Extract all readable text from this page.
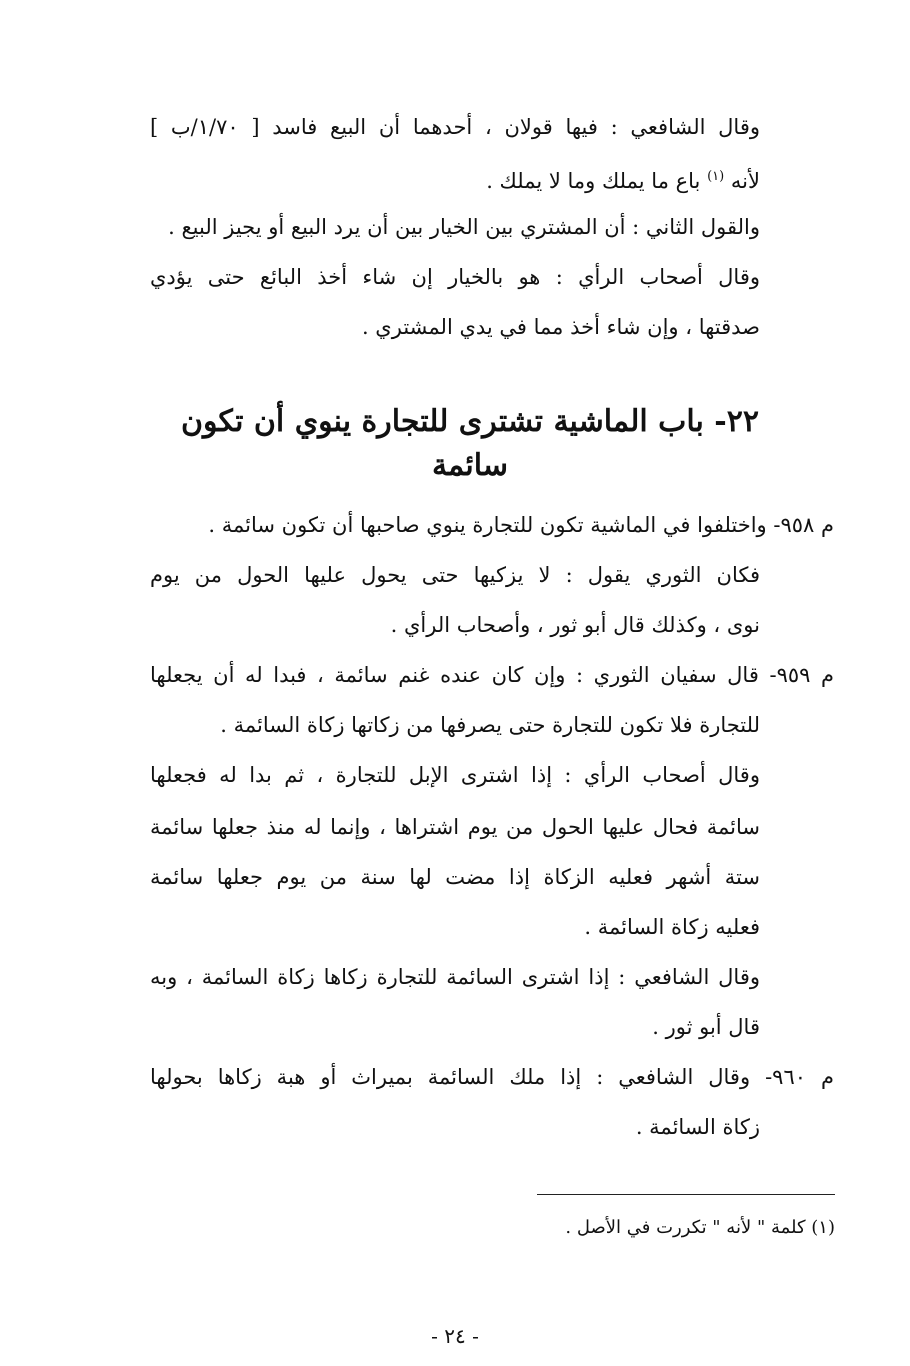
وقال الشافعي : فيها قولان ، أحدهما أن البيع فاسد [ ١/٧٠/ب ]
لأنه $^{(١)}$ باع ما يملك وما لا يملك .
والقول الثاني : أن المشتري بين الخيار بين أن يرد البيع أو يجيز البيع .
وقال أصحاب الرأي : هو بالخيار إن شاء أخذ البائع حتى يؤدي
صدقتها ، وإن شاء أخذ مما في يدي المشتري .
٢٢- باب الماشية تشترى للتجارة ينوي أن تكون سائمة
م ٩٥٨- واختلفوا في الماشية تكون للتجارة ينوي صاحبها أن تكون سائمة .
فكان الثوري يقول : لا يزكيها حتى يحول عليها الحول من يوم
نوى ، وكذلك قال أبو ثور ، وأصحاب الرأي .
م ٩٥٩- قال سفيان الثوري : وإن كان عنده غنم سائمة ، فبدا له أن يجعلها
للتجارة فلا تكون للتجارة حتى يصرفها من زكاتها زكاة السائمة .
وقال أصحاب الرأي : إذا اشترى الإبل للتجارة ، ثم بدا له فجعلها
سائمة فحال عليها الحول من يوم اشتراها ، وإنما له منذ جعلها سائمة
ستة أشهر فعليه الزكاة إذا مضت لها سنة من يوم جعلها سائمة
فعليه زكاة السائمة .
وقال الشافعي : إذا اشترى السائمة للتجارة زكاها زكاة السائمة ، وبه
قال أبو ثور .
م ٩٦٠- وقال الشافعي : إذا ملك السائمة بميراث أو هبة زكاها بحولها
زكاة السائمة .
(١) كلمة " لأنه " تكررت في الأصل .
- ٢٤ -
